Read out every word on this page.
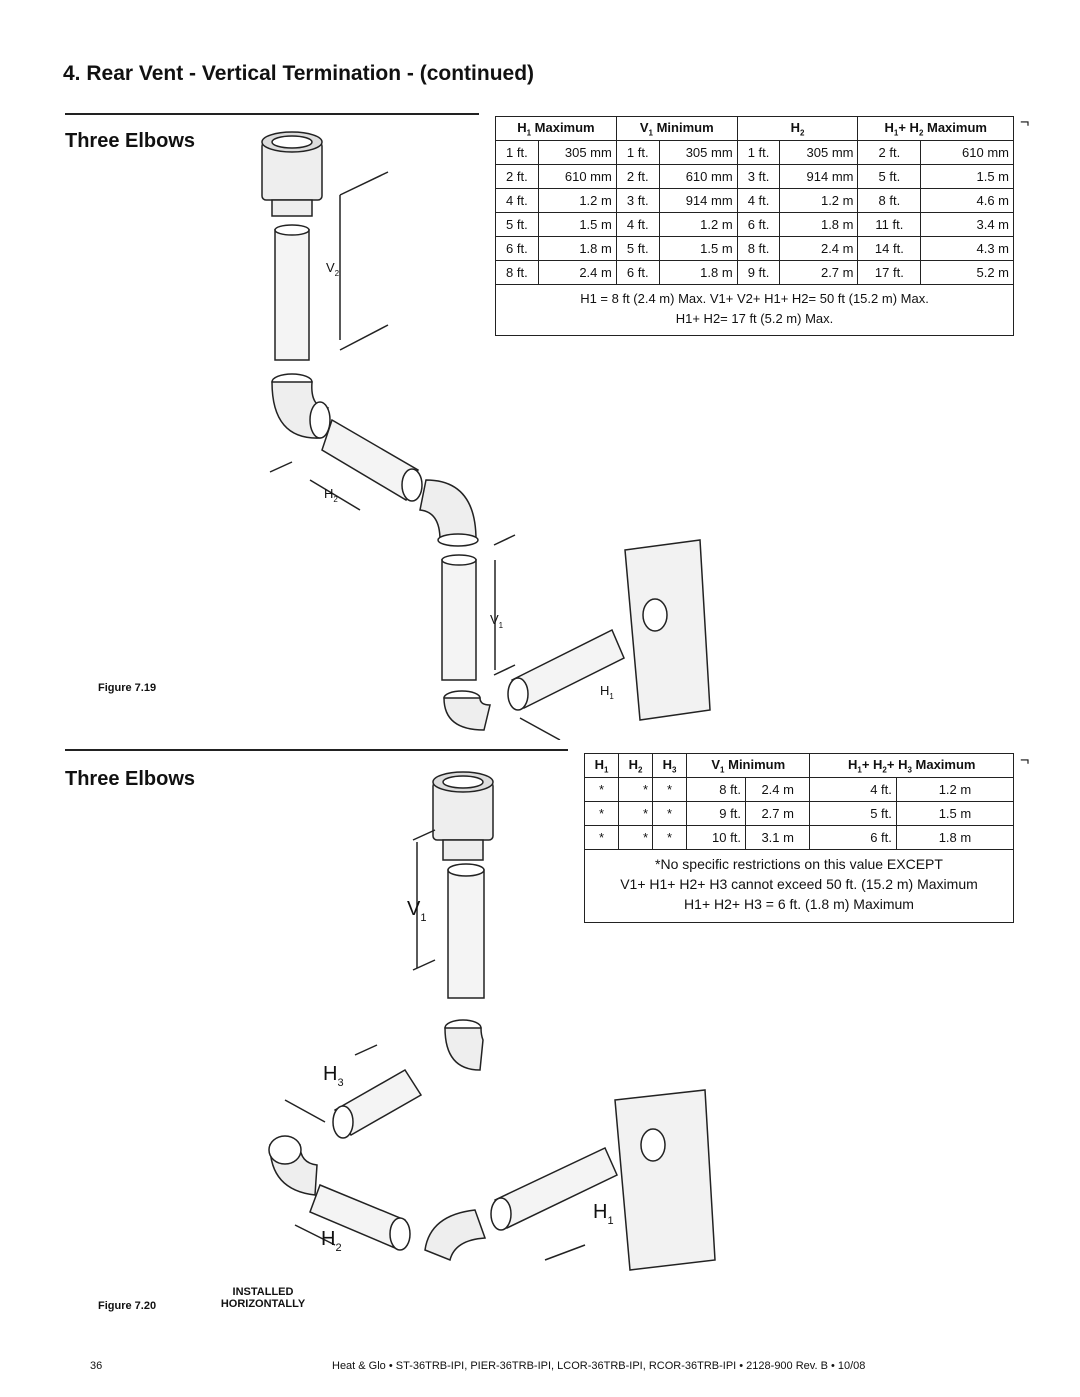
4. Rear Vent - Vertical Termination - (continued)
Three Elbows
$H_1$ Maximum		$V_1$ Minimum		$H_2$		$H_1+ H_2$ Maximum	
1 ft.	305 mm	1 ft.	305 mm	1 ft.	305 mm	2 ft.	610 mm
2 ft.	610 mm	2 ft.	610 mm	3 ft.	914 mm	5 ft.	1.5 m
4 ft.	1.2 m	3 ft.	914 mm	4 ft.	1.2 m	8 ft.	4.6 m
5 ft.	1.5 m	4 ft.	1.2 m	6 ft.	1.8 m	11 ft.	3.4 m
6 ft.	1.8 m	5 ft.	1.5 m	8 ft.	2.4 m	14 ft.	4.3 m
8 ft.	2.4 m	6 ft.	1.8 m	9 ft.	2.7 m	17 ft.	5.2 m

H1 = 8 ft (2.4 m) Max. V1+ V2+ H1+ H2= 50 ft (15.2 m) Max.
H1+ H2= 17 ft (5.2 m) Max.							
¬
$V_2$
$H_2$
$V_1$
$H_1$
Figure 7.19
Three Elbows
$H_1$	$H_2$	$H_3$	$V_1$ Minimum		$H_1+ H_2+ H_3$ Maximum	
*	*	*	8 ft.	2.4 m	4 ft.	1.2 m
*	*	*	9 ft.	2.7 m	5 ft.	1.5 m
*	*	*	10 ft.	3.1 m	6 ft.	1.8 m

*No specific restrictions on this value EXCEPT
V1+ H1+ H2+ H3 cannot exceed 50 ft. (15.2 m) Maximum
H1+ H2+ H3 = 6 ft. (1.8 m) Maximum						
¬
$V_1$
$H_3$
$H_2$
$H_1$
Figure 7.20
INSTALLED
HORIZONTALLY
36	Heat & Glo • ST-36TRB-IPI, PIER-36TRB-IPI, LCOR-36TRB-IPI, RCOR-36TRB-IPI • 2128-900 Rev. B • 10/08
